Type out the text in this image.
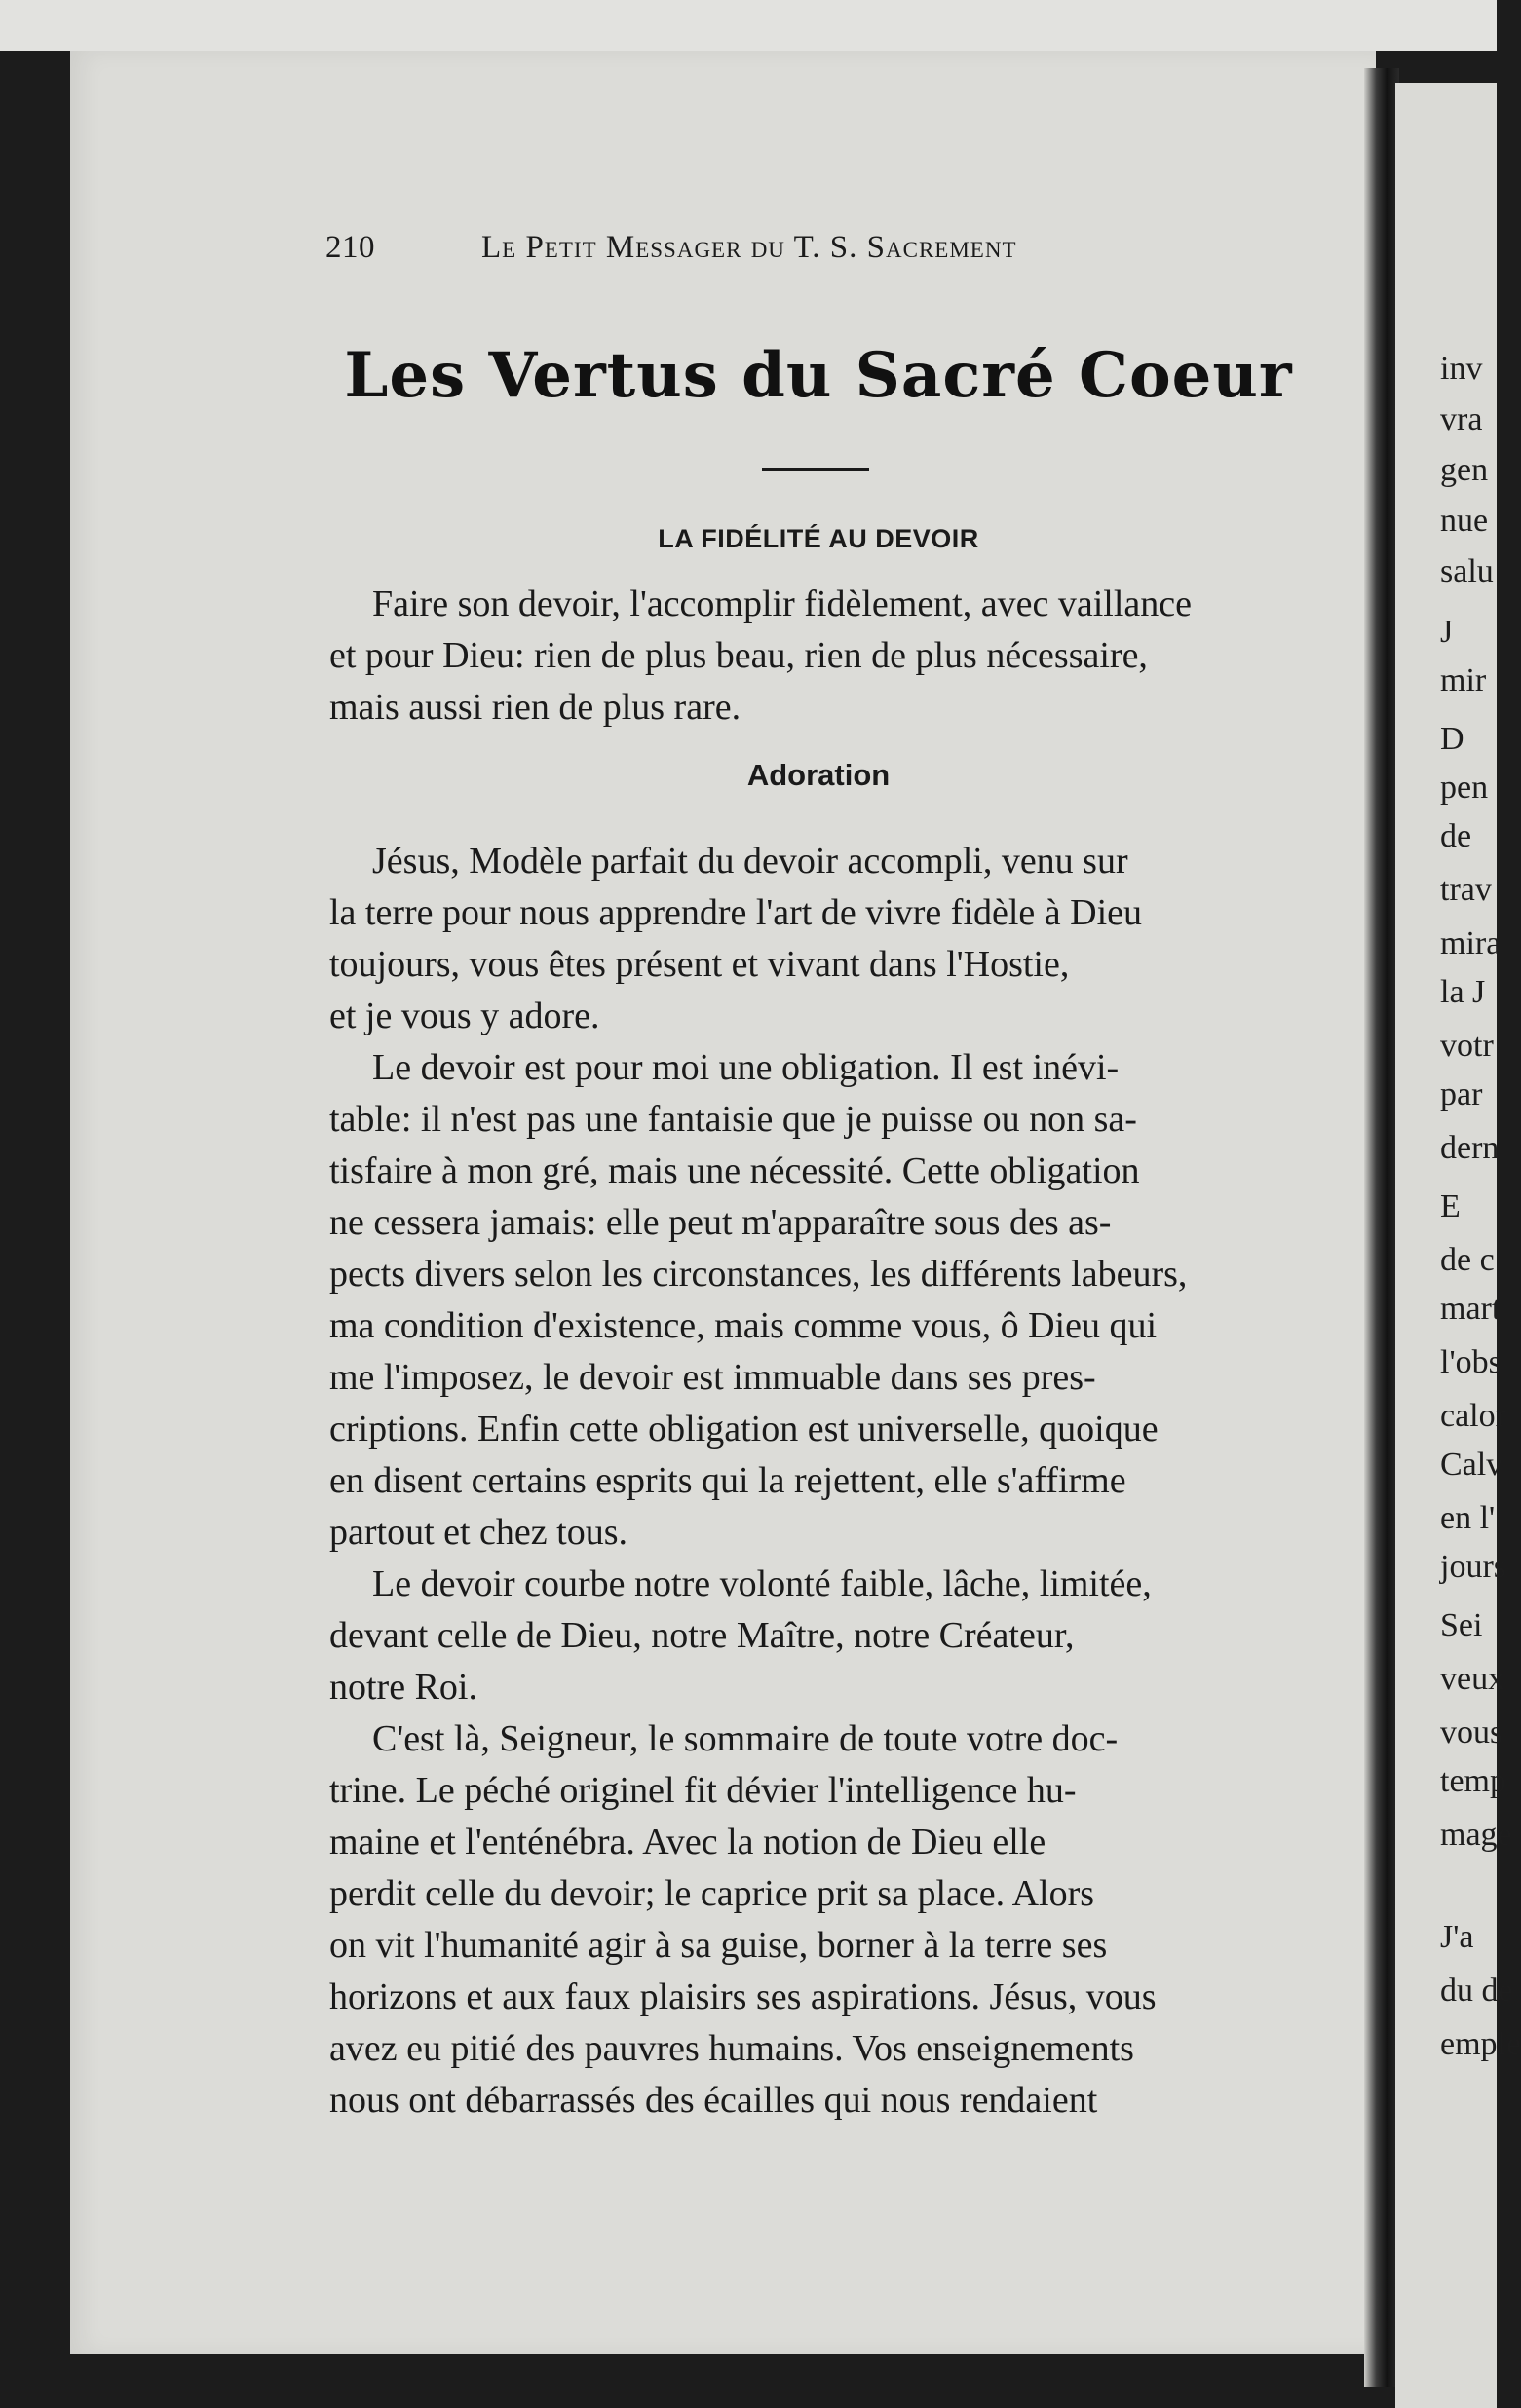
210	Le Petit Messager du T. S. Sacrement
Les Vertus du Sacré Coeur
LA FIDÉLITÉ AU DEVOIR

Faire son devoir, l'accomplir fidèlement, avec vaillance

et pour Dieu: rien de plus beau, rien de plus nécessaire,

mais aussi rien de plus rare.

Adoration

Jésus, Modèle parfait du devoir accompli, venu sur

la terre pour nous apprendre l'art de vivre fidèle à Dieu

toujours, vous êtes présent et vivant dans l'Hostie,

et je vous y adore.

Le devoir est pour moi une obligation. Il est inévi-

table: il n'est pas une fantaisie que je puisse ou non sa-

tisfaire à mon gré, mais une nécessité. Cette obligation

ne cessera jamais: elle peut m'apparaître sous des as-

pects divers selon les circonstances, les différents labeurs,

ma condition d'existence, mais comme vous, ô Dieu qui

me l'imposez, le devoir est immuable dans ses pres-

criptions. Enfin cette obligation est universelle, quoique

en disent certains esprits qui la rejettent, elle s'affirme

partout et chez tous.

Le devoir courbe notre volonté faible, lâche, limitée,

devant celle de Dieu, notre Maître, notre Créateur,

notre Roi.

C'est là, Seigneur, le sommaire de toute votre doc-

trine. Le péché originel fit dévier l'intelligence hu-

maine et l'enténébra. Avec la notion de Dieu elle

perdit celle du devoir; le caprice prit sa place. Alors

on vit l'humanité agir à sa guise, borner à la terre ses

horizons et aux faux plaisirs ses aspirations. Jésus, vous

avez eu pitié des pauvres humains. Vos enseignements

nous ont débarrassés des écailles qui nous rendaient

inv
vra
gen
nue
salu
J
mir
D
pen
de
trav
mira
la J
votr
par
dern
E
de c
mart
l'obs
calor
Calv
en l'
jours
Sei
veux
vous
temp
mage
J'a
du de
emple
